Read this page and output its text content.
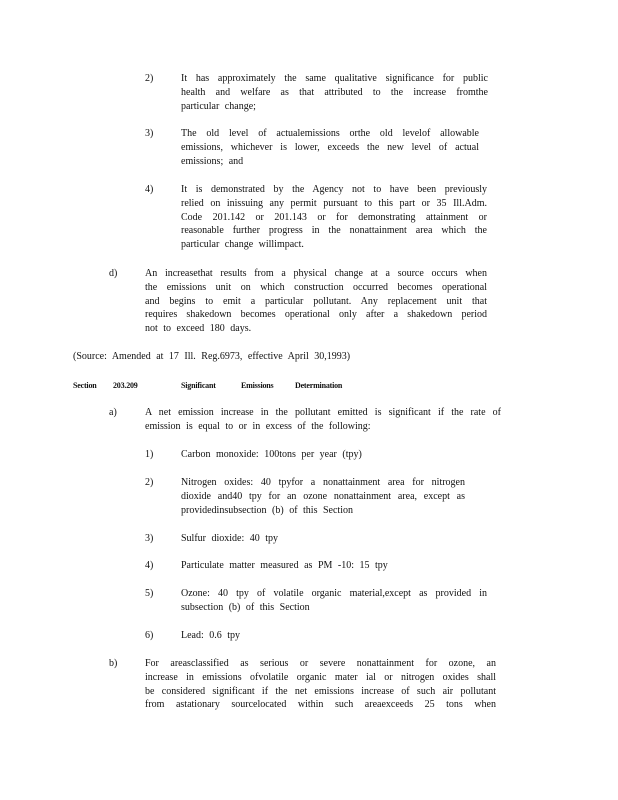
2)	It has approximately the same qualitative significance for public
health and welfare as that attributed to the increase fromthe
particular change;
3)	The old level of actualemissions orthe old levelof allowable
emissions, whichever is lower, exceeds the new level of actual
emissions; and
4)	It is demonstrated by the Agency not to have been previously
relied on inissuing any permit pursuant to this part or 35 Ill.Adm.
Code 201.142 or 201.143 or for demonstrating attainment or
reasonable further progress in the nonattainment area which the
particular change willimpact.
d)	An increasethat results from a physical change at a source occurs when
the emissions unit on which construction occurred becomes operational
and begins to emit a particular pollutant. Any replacement unit that
requires shakedown becomes operational only after a shakedown period
not to exceed 180 days.
(Source: Amended at 17 Ill. Reg.6973, effective April 30,1993)
Section 203.209	Significant	Emissions	Determination
a)	A net emission increase in the pollutant emitted is significant if the rate of
emission is equal to or in excess of the following:
1)	Carbon monoxide: 100tons per year (tpy)
2)	Nitrogen oxides: 40 tpyfor a nonattainment area for nitrogen
dioxide and40 tpy for an ozone nonattainment area, except as
providedinsubsection (b) of this Section
3)	Sulfur dioxide: 40 tpy
4)	Particulate matter measured as PM -10: 15 tpy
5)	Ozone: 40 tpy of volatile organic material,except as provided in
subsection (b) of this Section
6)	Lead: 0.6 tpy
b)	For areasclassified as serious or severe nonattainment for ozone, an
increase in emissions ofvolatile organic mater ial or nitrogen oxides shall
be considered significant if the net emissions increase of such air pollutant
from astationary sourcelocated within such areaexceeds 25 tons when
